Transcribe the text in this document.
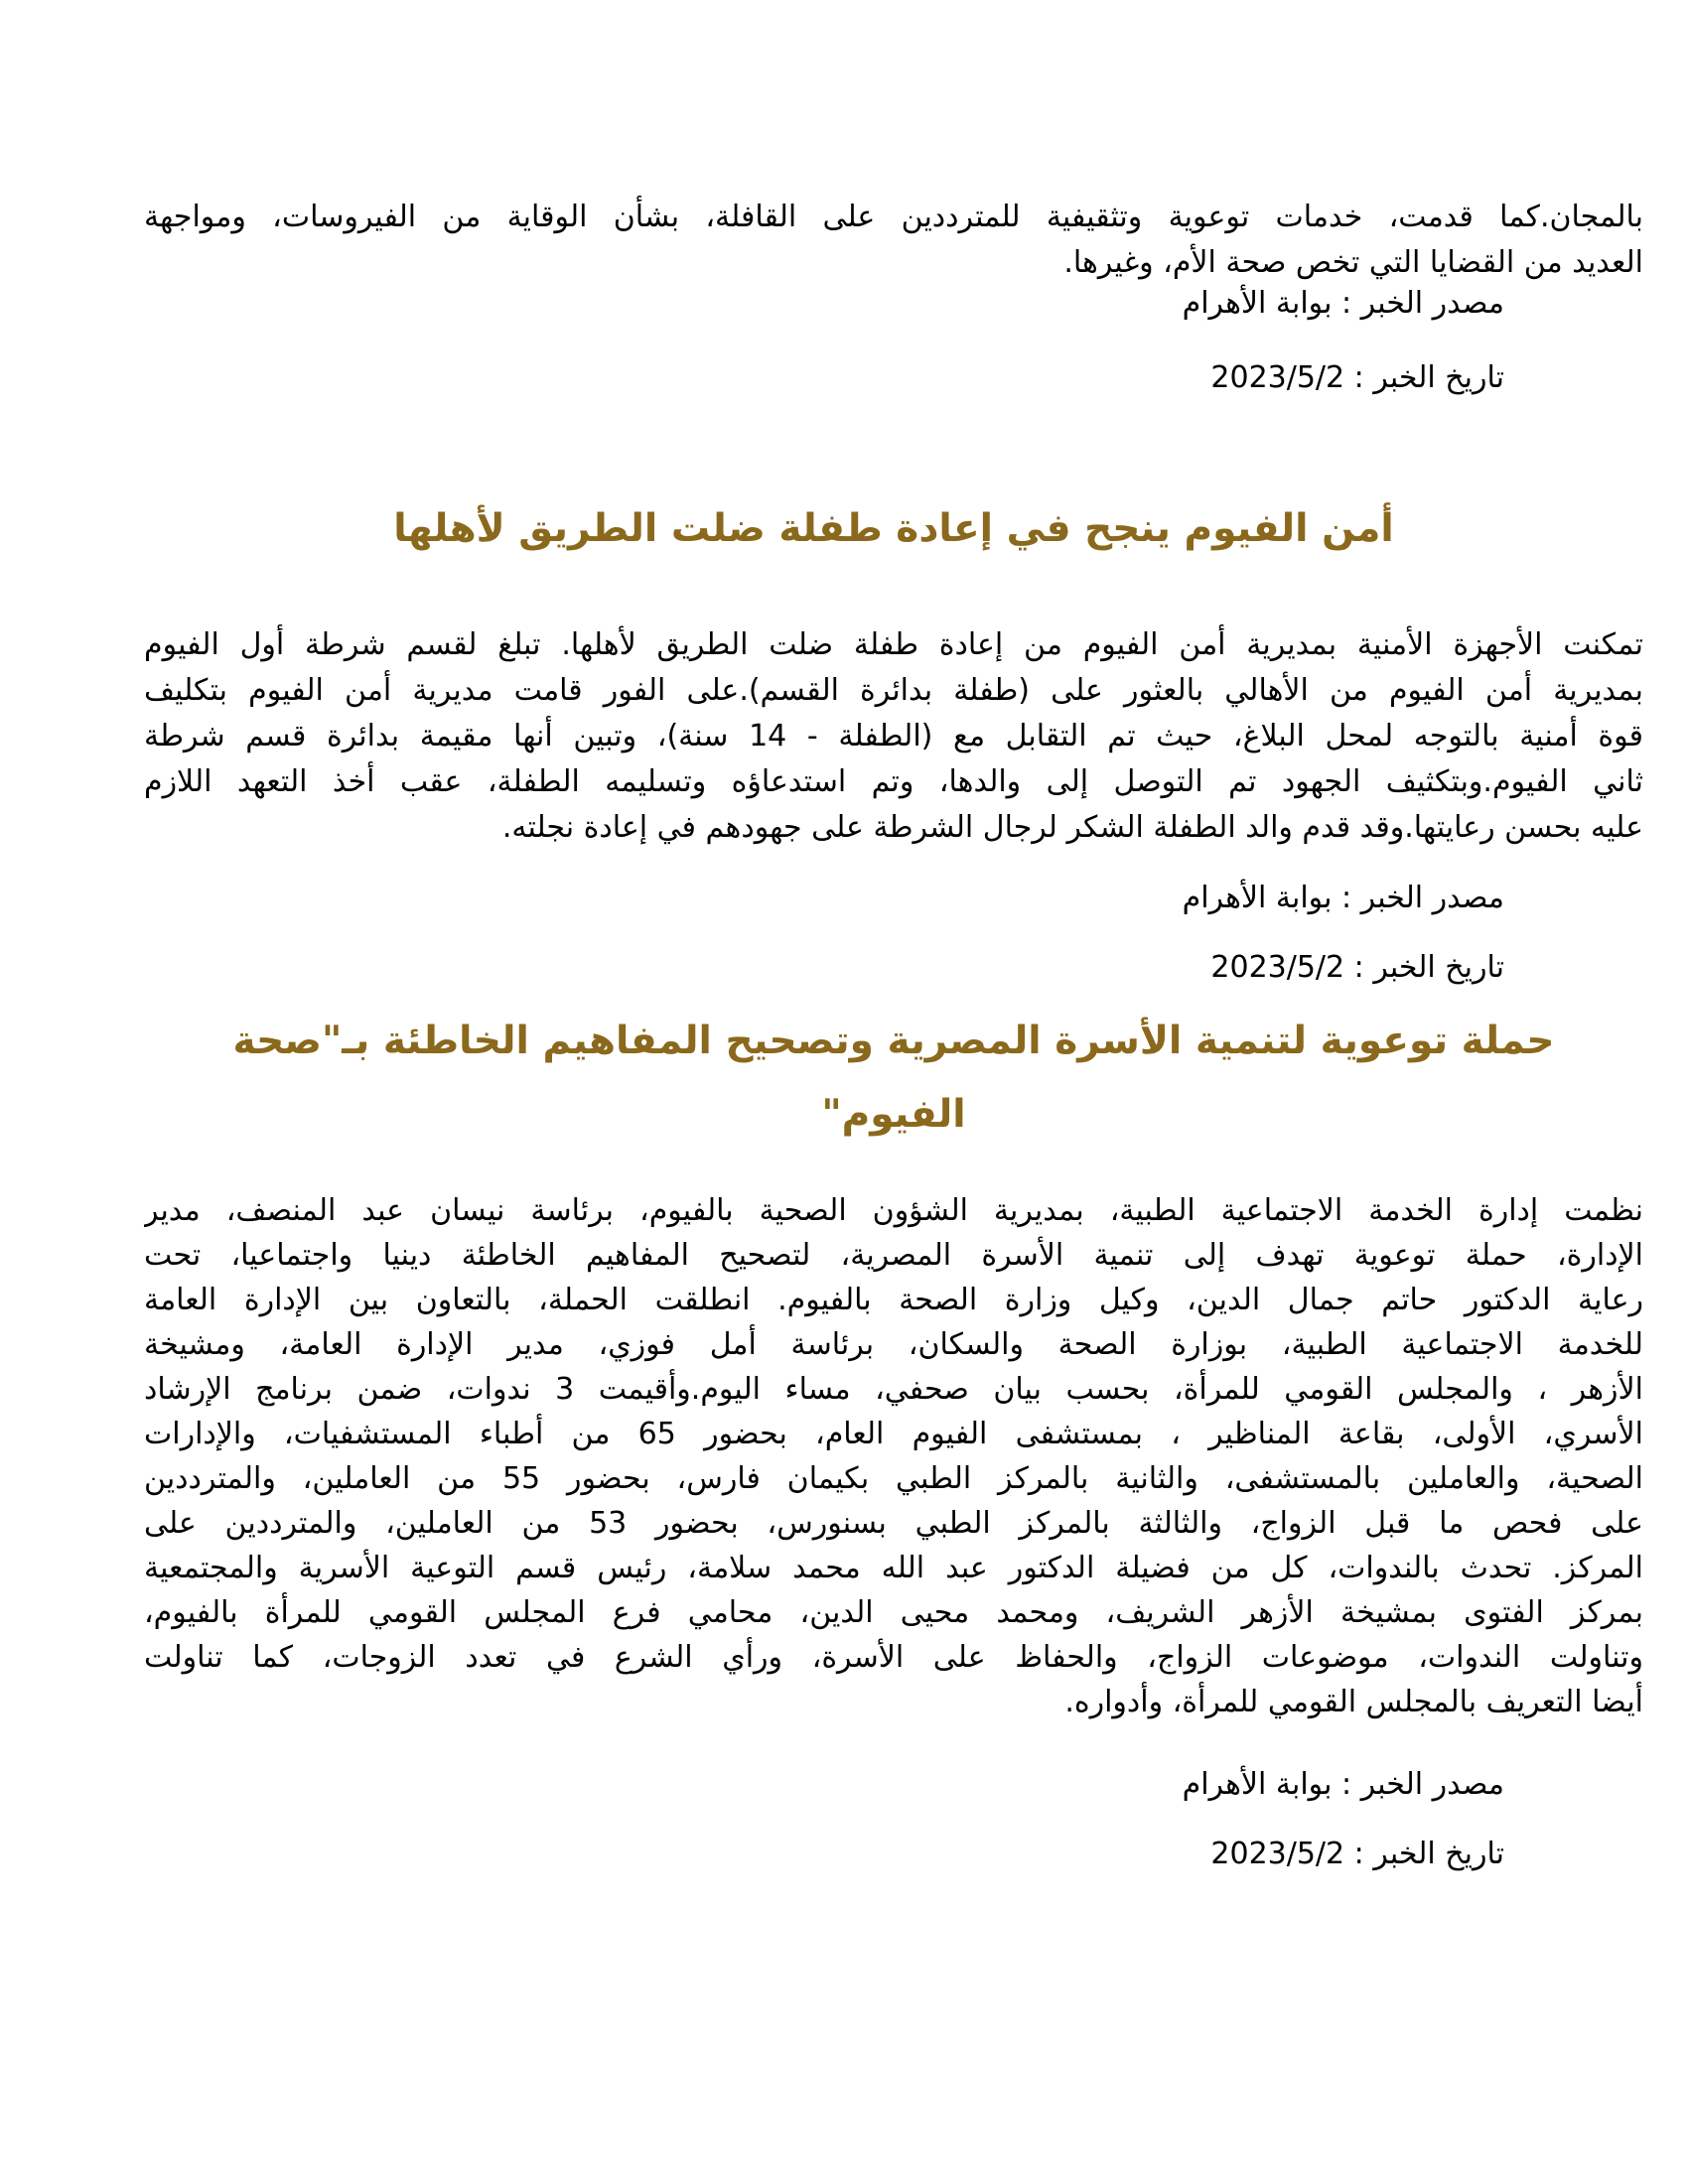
بالمجان.كما قدمت، خدمات توعوية وتثقيفية للمترددين على القافلة، بشأن الوقاية من الفيروسات، ومواجهة
العديد من القضايا التي تخص صحة الأم، وغيرها.
مصدر الخبر : بوابة الأهرام
تاريخ الخبر : 2023/5/2
أمن الفيوم ينجح في إعادة طفلة ضلت الطريق لأهلها
تمكنت الأجهزة الأمنية بمديرية أمن الفيوم من إعادة طفلة ضلت الطريق لأهلها. تبلغ لقسم شرطة أول الفيوم
بمديرية أمن الفيوم من الأهالي بالعثور على (طفلة بدائرة القسم).على الفور قامت مديرية أمن الفيوم بتكليف
قوة أمنية بالتوجه لمحل البلاغ، حيث تم التقابل مع (الطفلة - 14 سنة)، وتبين أنها مقيمة بدائرة قسم شرطة
ثاني الفيوم.وبتكثيف الجهود تم التوصل إلى والدها، وتم استدعاؤه وتسليمه الطفلة، عقب أخذ التعهد اللازم
عليه بحسن رعايتها.وقد قدم والد الطفلة الشكر لرجال الشرطة على جهودهم في إعادة نجلته.
مصدر الخبر : بوابة الأهرام
تاريخ الخبر : 2023/5/2
حملة توعوية لتنمية الأسرة المصرية وتصحيح المفاهيم الخاطئة بـ"صحة
الفيوم"
نظمت إدارة الخدمة الاجتماعية الطبية، بمديرية الشؤون الصحية بالفيوم، برئاسة نيسان عبد المنصف، مدير
الإدارة، حملة توعوية تهدف إلى تنمية الأسرة المصرية، لتصحيح المفاهيم الخاطئة دينيا واجتماعيا، تحت
رعاية الدكتور حاتم جمال الدين، وكيل وزارة الصحة بالفيوم. انطلقت الحملة، بالتعاون بين الإدارة العامة
للخدمة الاجتماعية الطبية، بوزارة الصحة والسكان، برئاسة أمل فوزي، مدير الإدارة العامة، ومشيخة
الأزهر ، والمجلس القومي للمرأة، بحسب بيان صحفي، مساء اليوم.وأقيمت 3 ندوات، ضمن برنامج الإرشاد
الأسري، الأولى، بقاعة المناظير ، بمستشفى الفيوم العام، بحضور 65 من أطباء المستشفيات، والإدارات
الصحية، والعاملين بالمستشفى، والثانية بالمركز الطبي بكيمان فارس، بحضور 55 من العاملين، والمترددين
على فحص ما قبل الزواج، والثالثة بالمركز الطبي بسنورس، بحضور 53 من العاملين، والمترددين على
المركز. تحدث بالندوات، كل من فضيلة الدكتور عبد الله محمد سلامة، رئيس قسم التوعية الأسرية والمجتمعية
بمركز الفتوى بمشيخة الأزهر الشريف، ومحمد محيى الدين، محامي فرع المجلس القومي للمرأة بالفيوم،
وتناولت الندوات، موضوعات الزواج، والحفاظ على الأسرة، ورأي الشرع في تعدد الزوجات، كما تناولت
أيضا التعريف بالمجلس القومي للمرأة، وأدواره.
مصدر الخبر : بوابة الأهرام
تاريخ الخبر : 2023/5/2
